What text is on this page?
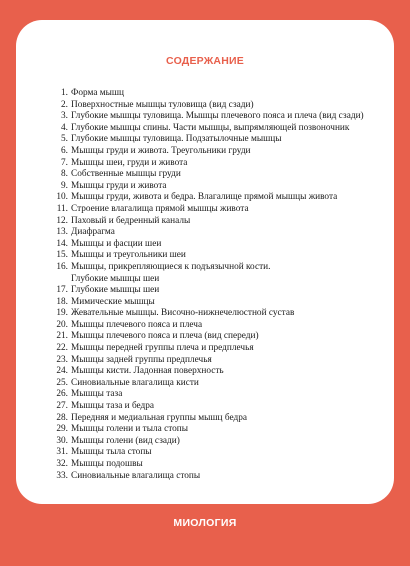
СОДЕРЖАНИЕ
1. Форма мышц
2. Поверхностные мышцы туловища (вид сзади)
3. Глубокие мышцы туловища. Мышцы плечевого пояса и плеча (вид сзади)
4. Глубокие мышцы спины. Части мышцы, выпрямляющей позвоночник
5. Глубокие мышцы туловища. Подзатылочные мышцы
6. Мышцы груди и живота. Треугольники груди
7. Мышцы шеи, груди и живота
8. Собственные мышцы груди
9. Мышцы груди и живота
10. Мышцы груди, живота и бедра. Влагалище прямой мышцы живота
11. Строение влагалища прямой мышцы живота
12. Паховый и бедренный каналы
13. Диафрагма
14. Мышцы и фасции шеи
15. Мышцы и треугольники шеи
16. Мышцы, прикрепляющиеся к подъязычной кости.
Глубокие мышцы шеи
17. Глубокие мышцы шеи
18. Мимические мышцы
19. Жевательные мышцы. Височно-нижнечелюстной сустав
20. Мышцы плечевого пояса и плеча
21. Мышцы плечевого пояса и плеча (вид спереди)
22. Мышцы передней группы плеча и предплечья
23. Мышцы задней группы предплечья
24. Мышцы кисти. Ладонная поверхность
25. Синовиальные влагалища кисти
26. Мышцы таза
27. Мышцы таза и бедра
28. Передняя и медиальная группы мышц бедра
29. Мышцы голени и тыла стопы
30. Мышцы голени (вид сзади)
31. Мышцы тыла стопы
32. Мышцы подошвы
33. Синовиальные влагалища стопы
МИОЛОГИЯ
